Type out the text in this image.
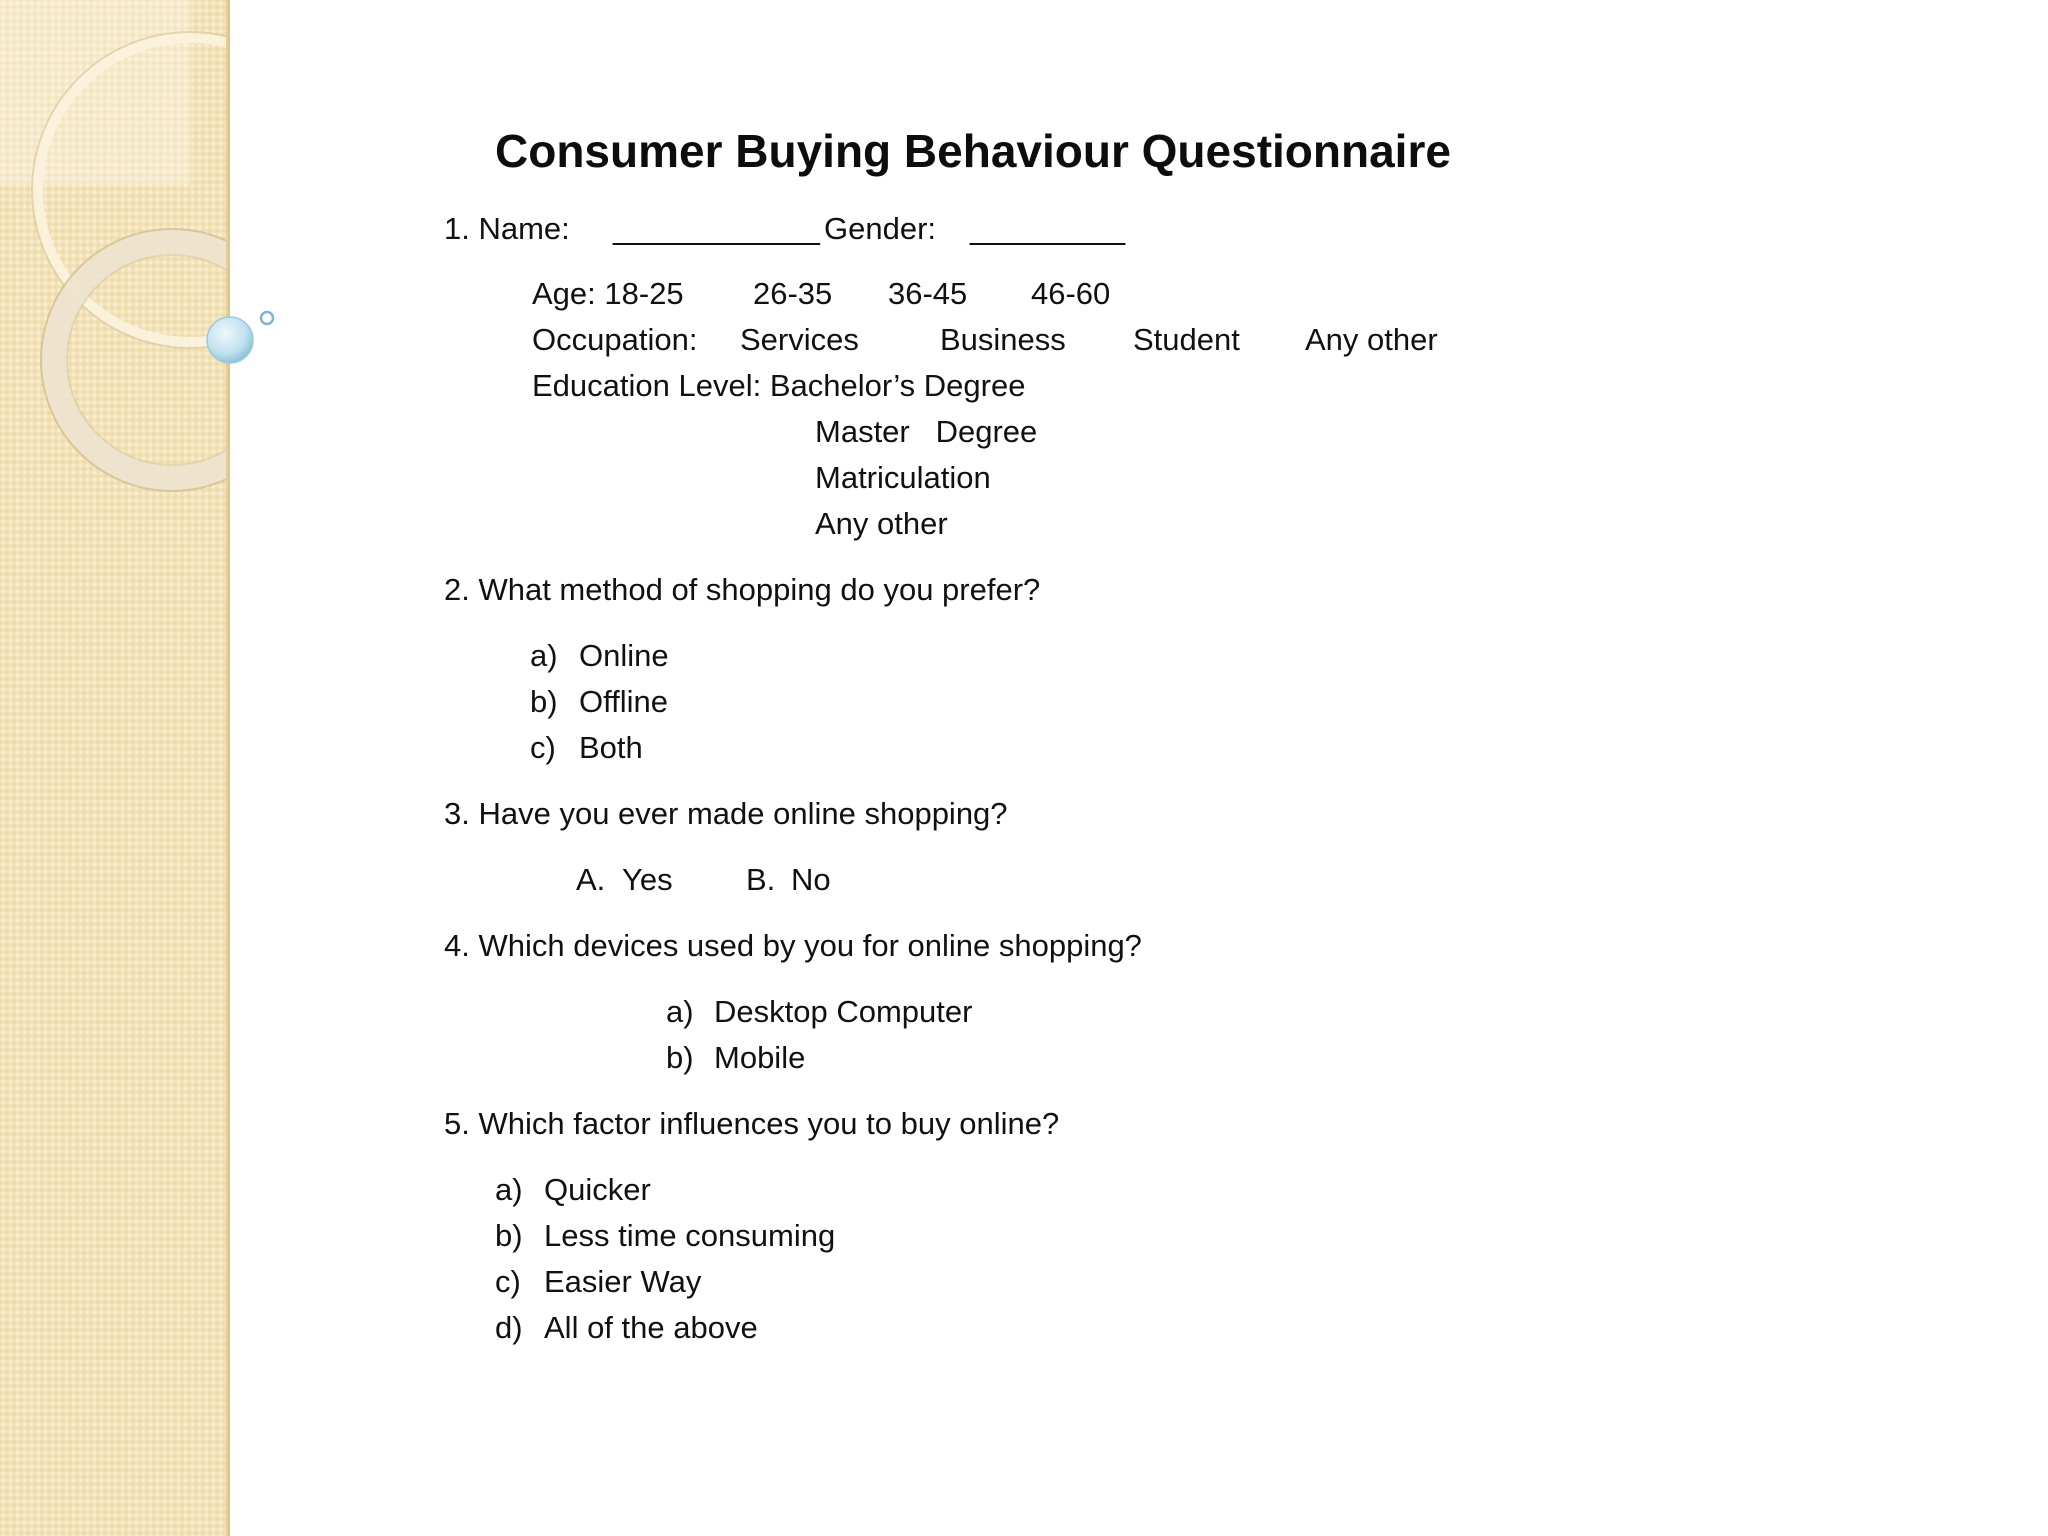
Consumer Buying Behaviour Questionnaire
1. Name: ____________ Gender: _________
Age: 18-25 26-35 36-45 46-60
Occupation: Services	Business Student Any other
Education Level: Bachelor’s Degree
Master   Degree
Matriculation
Any other
2. What method of shopping do you prefer?
a) Online
b) Offline
c) Both
3. Have you ever made online shopping?
A. Yes B. No
4. Which devices used by you for online shopping?
a) Desktop Computer
b) Mobile
5. Which factor influences you to buy online?
a) Quicker
b) Less time consuming
c) Easier Way
d) All of the above
